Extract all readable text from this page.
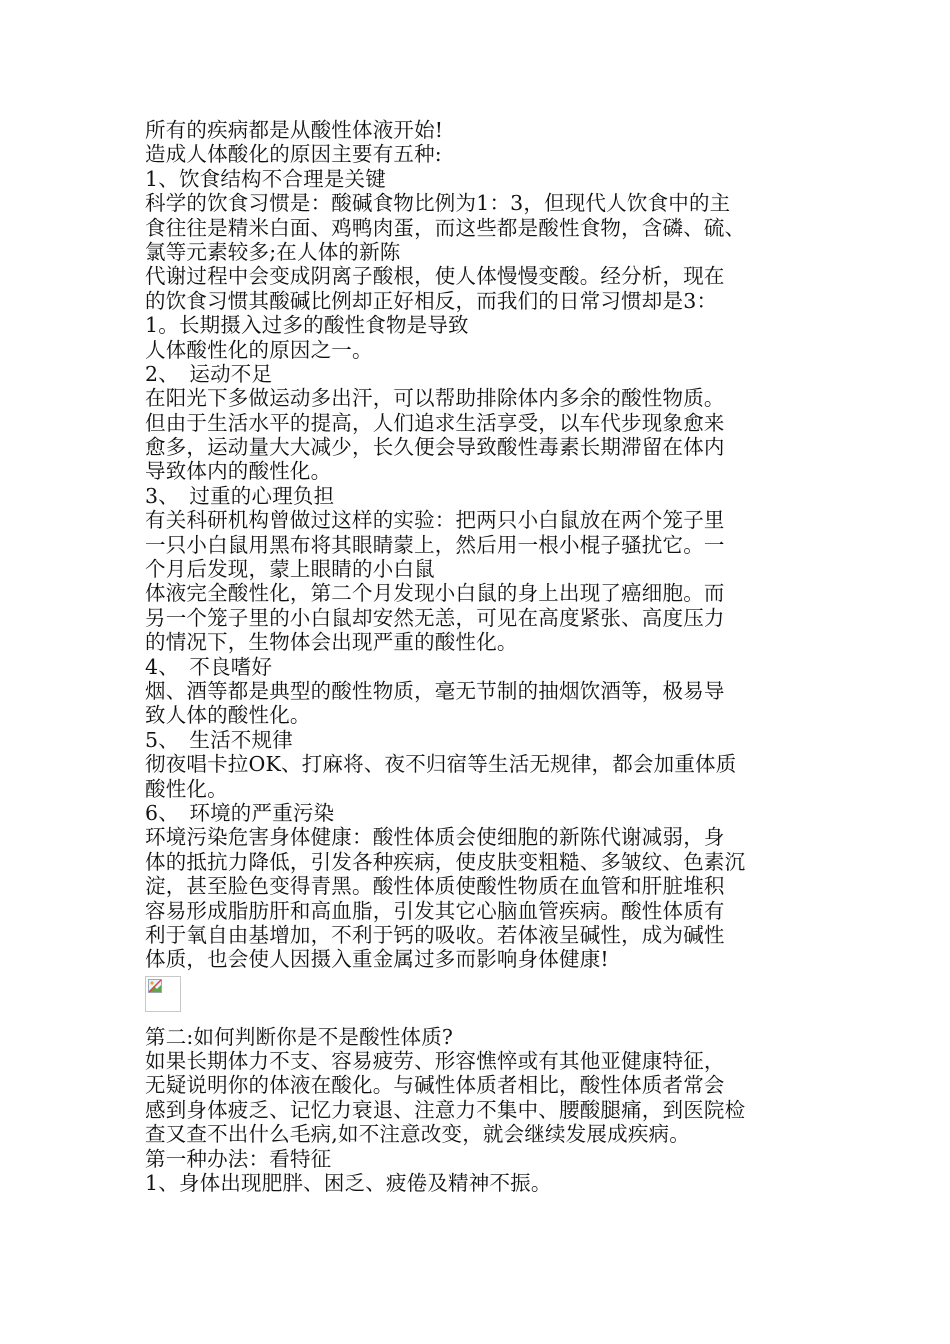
所有的疾病都是从酸性体液开始!
造成人体酸化的原因主要有五种:
1、饮食结构不合理是关键
科学的饮食习惯是：酸碱食物比例为1：3，但现代人饮食中的主
食往往是精米白面、鸡鸭肉蛋，而这些都是酸性食物，含磷、硫、
氯等元素较多;在人体的新陈
代谢过程中会变成阴离子酸根，使人体慢慢变酸。经分析，现在
的饮食习惯其酸碱比例却正好相反，而我们的日常习惯却是3：
1。长期摄入过多的酸性食物是导致
人体酸性化的原因之一。
2、　运动不足
在阳光下多做运动多出汗，可以帮助排除体内多余的酸性物质。
但由于生活水平的提高，人们追求生活享受，以车代步现象愈来
愈多，运动量大大减少，长久便会导致酸性毒素长期滞留在体内
导致体内的酸性化。
3、　过重的心理负担
有关科研机构曾做过这样的实验：把两只小白鼠放在两个笼子里
一只小白鼠用黑布将其眼睛蒙上，然后用一根小棍子骚扰它。一
个月后发现，蒙上眼睛的小白鼠
体液完全酸性化，第二个月发现小白鼠的身上出现了癌细胞。而
另一个笼子里的小白鼠却安然无恙，可见在高度紧张、高度压力
的情况下，生物体会出现严重的酸性化。
4、　不良嗜好
烟、酒等都是典型的酸性物质，毫无节制的抽烟饮酒等，极易导
致人体的酸性化。
5、　生活不规律
彻夜唱卡拉OK、打麻将、夜不归宿等生活无规律，都会加重体质
酸性化。
6、　环境的严重污染
环境污染危害身体健康：酸性体质会使细胞的新陈代谢减弱，身
体的抵抗力降低，引发各种疾病，使皮肤变粗糙、多皱纹、色素沉
淀，甚至脸色变得青黑。酸性体质使酸性物质在血管和肝脏堆积
容易形成脂肪肝和高血脂，引发其它心脑血管疾病。酸性体质有
利于氧自由基增加，不利于钙的吸收。若体液呈碱性，成为碱性
体质，也会使人因摄入重金属过多而影响身体健康!
第二:如何判断你是不是酸性体质?
如果长期体力不支、容易疲劳、形容憔悴或有其他亚健康特征，
无疑说明你的体液在酸化。与碱性体质者相比，酸性体质者常会
感到身体疲乏、记忆力衰退、注意力不集中、腰酸腿痛，到医院检
查又查不出什么毛病,如不注意改变，就会继续发展成疾病。
第一种办法：看特征
1、身体出现肥胖、困乏、疲倦及精神不振。
